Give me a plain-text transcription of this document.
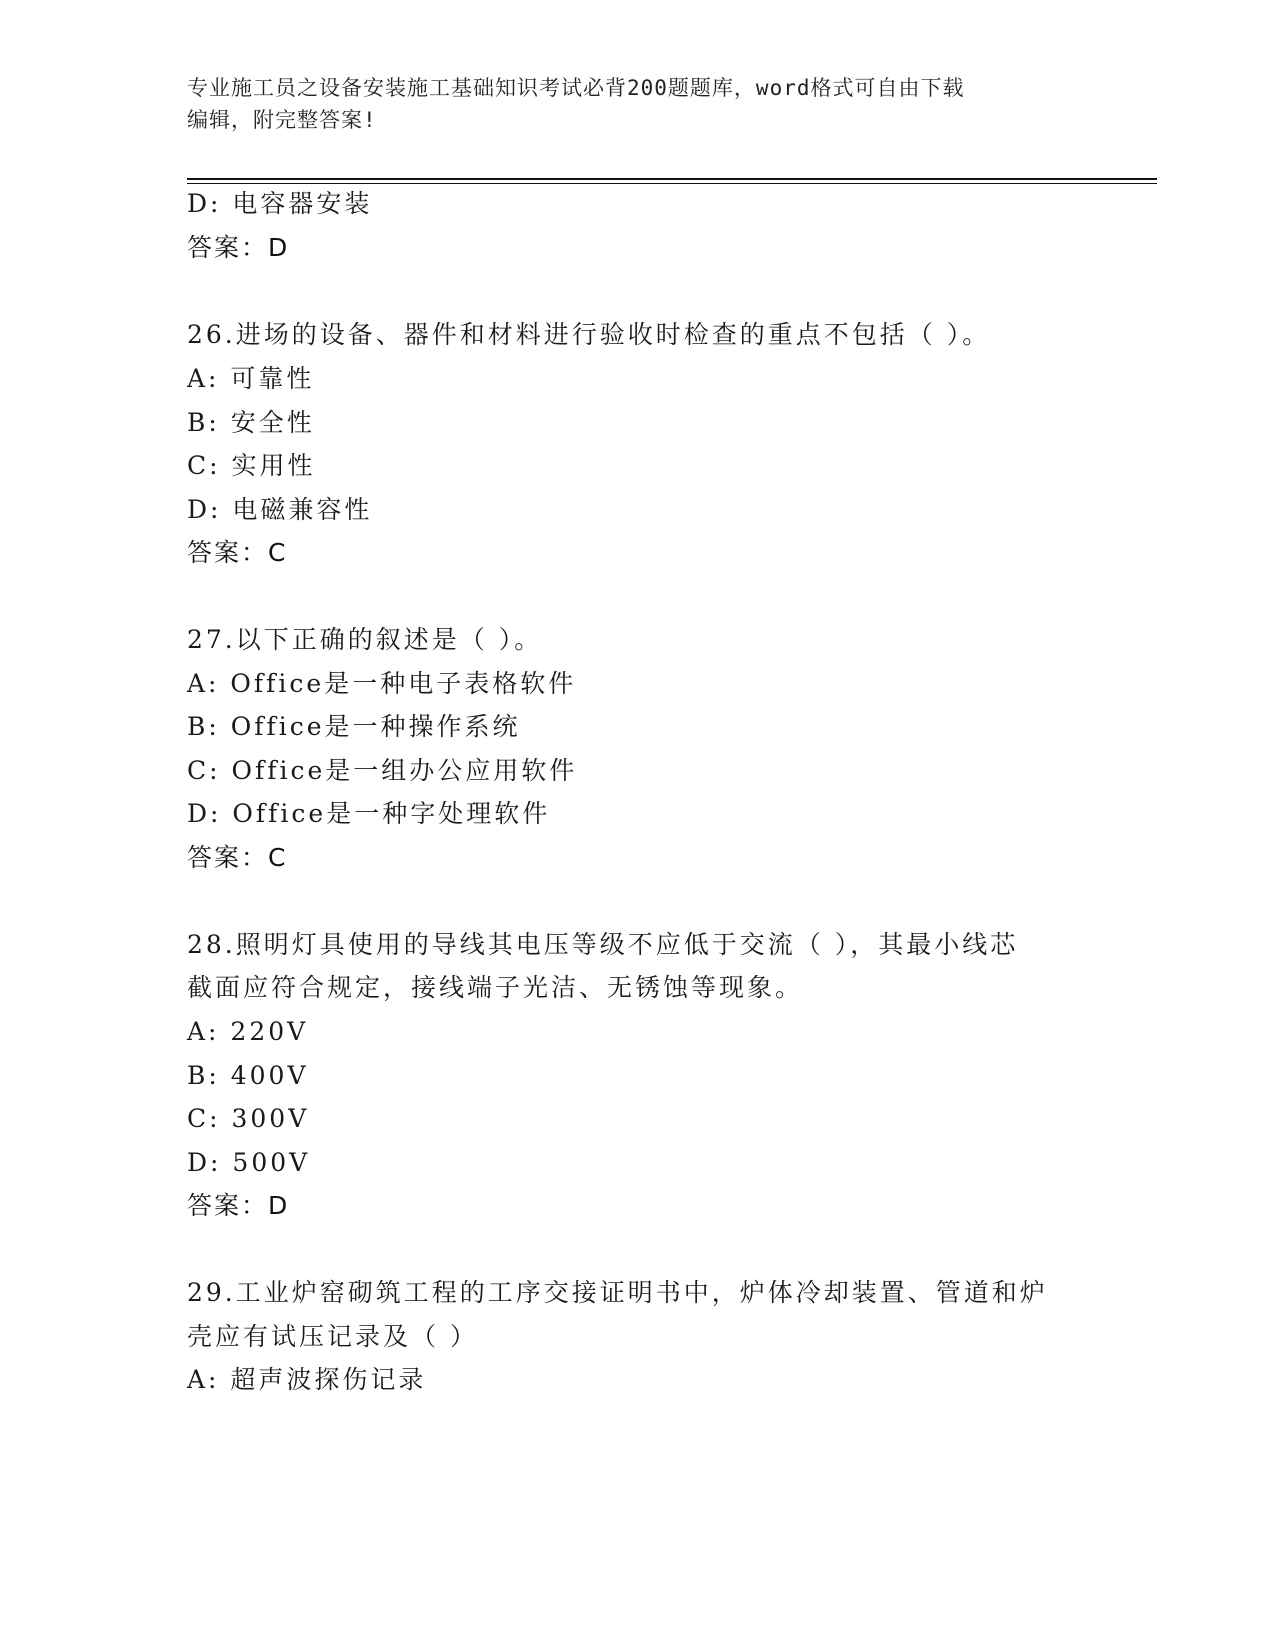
专业施工员之设备安装施工基础知识考试必背200题题库，word格式可自由下载
编辑，附完整答案!
D: 电容器安装
答案：D
26.进场的设备、器件和材料进行验收时检查的重点不包括（ ）。
A: 可靠性
B: 安全性
C: 实用性
D: 电磁兼容性
答案：C
27.以下正确的叙述是（ ）。
A: Office是一种电子表格软件
B: Office是一种操作系统
C: Office是一组办公应用软件
D: Office是一种字处理软件
答案：C
28.照明灯具使用的导线其电压等级不应低于交流（ ），其最小线芯
截面应符合规定，接线端子光洁、无锈蚀等现象。
A: 220V
B: 400V
C: 300V
D: 500V
答案：D
29.工业炉窑砌筑工程的工序交接证明书中，炉体冷却装置、管道和炉
壳应有试压记录及（ ）
A: 超声波探伤记录
